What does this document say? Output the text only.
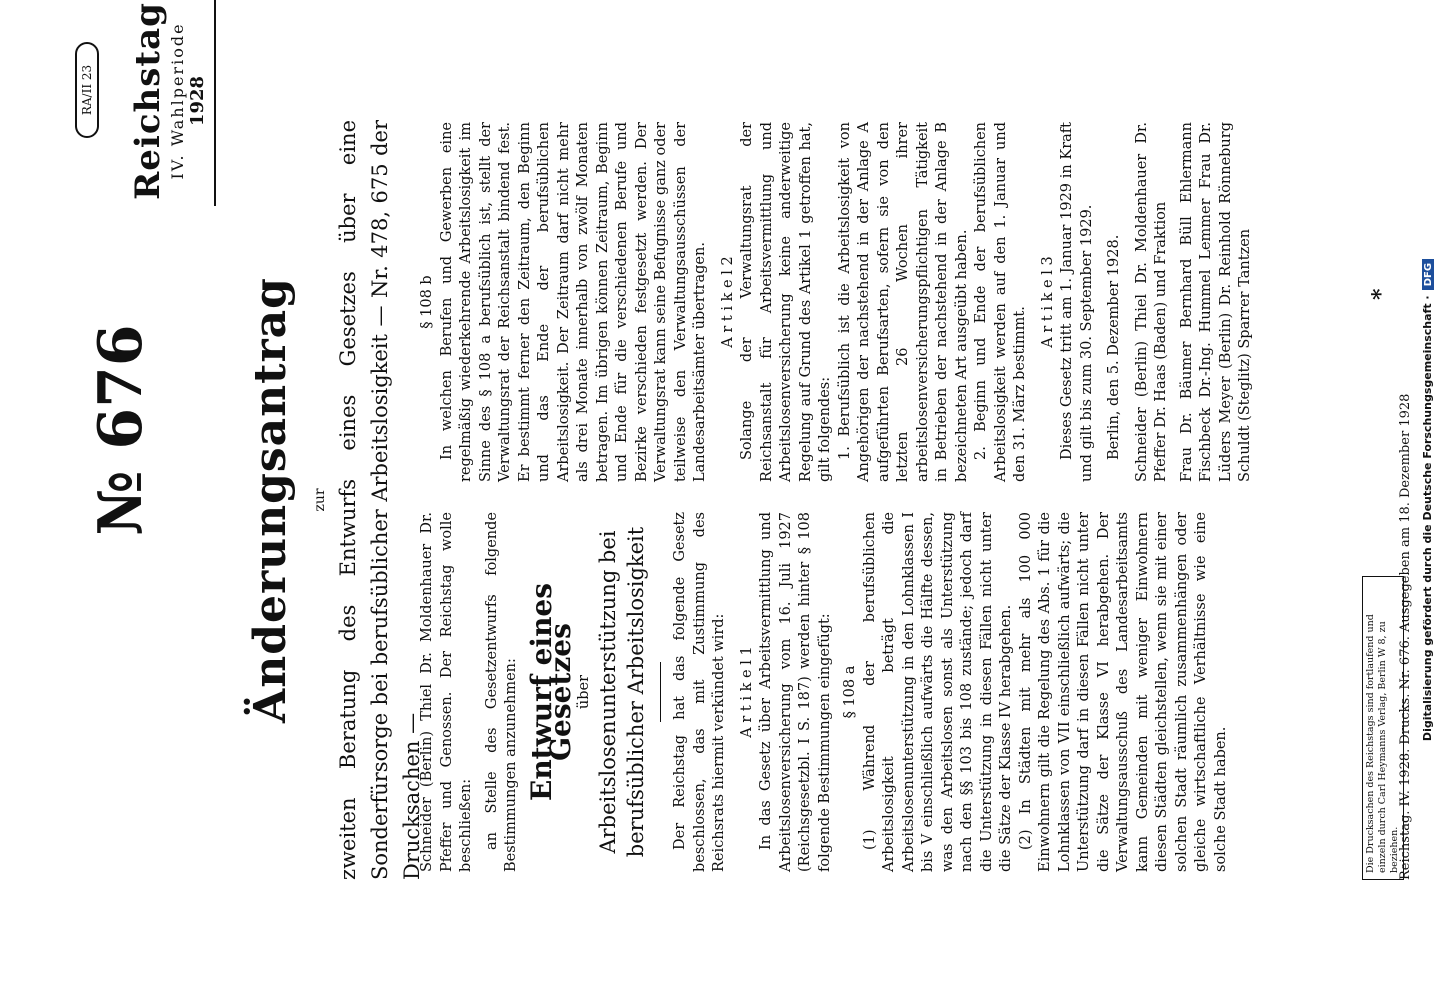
RA/II 23 Reichstag IV. Wahlperiode 1928
№ 676 Änderungsantrag zur zweiten Beratung des Entwurfs eines Gesetzes über eine Sonderfürsorge bei berufsüblicher Arbeitslosigkeit — Nr. 478, 675 der Drucksachen —

Schneider (Berlin) Thiel Dr. Moldenhauer Dr. Pfeffer und Genossen. Der Reichstag wolle beschließen: an Stelle des Gesetzentwurfs folgende Bestimmungen anzunehmen: Entwurf eines Gesetzes
über Arbeitslosenunterstützung bei berufsüblicher Arbeitslosigkeit Der Reichstag hat das folgende Gesetz beschlossen, das mit Zustimmung des Reichsrats hiermit verkündet wird: A r t i k e l 1 In das Gesetz über Arbeitsvermittlung und Arbeitslosenversicherung vom 16. Juli 1927 (Reichsgesetzbl. I S. 187) werden hinter § 108 folgende Bestimmungen eingefügt: § 108 a (1) Während der berufsüblichen Arbeitslosigkeit beträgt die Arbeitslosenunterstützung in den Lohnklassen I bis V einschließlich aufwärts die Hälfte dessen, was den Arbeitslosen sonst als Unterstützung nach den §§ 103 bis 108 zustände; jedoch darf die Unterstützung in diesen Fällen nicht unter die Sätze der Klasse IV herabgehen. (2) In Städten mit mehr als 100 000 Einwohnern gilt die Regelung des Abs. 1 für die Lohnklassen von VII einschließlich aufwärts; die Unterstützung darf in diesen Fällen nicht unter die Sätze der Klasse VI herabgehen. Der Verwaltungsausschuß des Landesarbeitsamts kann Gemeinden mit weniger Einwohnern diesen Städten gleichstellen, wenn sie mit einer solchen Stadt räumlich zusammenhängen oder gleiche wirtschaftliche Verhältnisse wie eine solche Stadt haben.

§ 108 b In welchen Berufen und Gewerben eine regelmäßig wiederkehrende Arbeitslosigkeit im Sinne des § 108 a berufsüblich ist, stellt der Verwaltungsrat der Reichsanstalt bindend fest. Er bestimmt ferner den Zeitraum, den Beginn und das Ende der berufsüblichen Arbeitslosigkeit. Der Zeitraum darf nicht mehr als drei Monate innerhalb von zwölf Monaten betragen. Im übrigen können Zeitraum, Beginn und Ende für die verschiedenen Berufe und Bezirke verschieden festgesetzt werden. Der Verwaltungsrat kann seine Befugnisse ganz oder teilweise den Verwaltungsausschüssen der Landesarbeitsämter übertragen. A r t i k e l 2 Solange der Verwaltungsrat der Reichsanstalt für Arbeitsvermittlung und Arbeitslosenversicherung keine anderweitige Regelung auf Grund des Artikel 1 getroffen hat, gilt folgendes: 1. Berufsüblich ist die Arbeitslosigkeit von Angehörigen der nachstehend in der Anlage A aufgeführten Berufsarten, sofern sie von den letzten 26 Wochen ihrer arbeitslosenversicherungspflichtigen Tätigkeit in Betrieben der nachstehend in der Anlage B bezeichneten Art ausgeübt haben. 2. Beginn und Ende der berufsüblichen Arbeitslosigkeit werden auf den 1. Januar und den 31. März bestimmt.

A r t i k e l 3 Dieses Gesetz tritt am 1. Januar 1929 in Kraft und gilt bis zum 30. September 1929. Berlin, den 5. Dezember 1928. Schneider (Berlin) Thiel Dr. Moldenhauer Dr. Pfeffer Dr. Haas (Baden) und Fraktion Frau Dr. Bäumer Bernhard Büll Ehlermann Fischbeck Dr.-Ing. Hummel Lemmer Frau Dr. Lüders Meyer (Berlin) Dr. Reinhold Rönneburg Schuldt (Steglitz) Sparrer Tantzen

Reichstag. IV. 1928. Drucks. Nr. 676. Ausgegeben am 18. Dezember 1928
Die Drucksachen des Reichstags sind fortlaufend und einzeln durch Carl Heymanns Verlag, Berlin W 8, zu beziehen.
*
Digitalisierung gefördert durch die Deutsche Forschungsgemeinschaft · DFG
